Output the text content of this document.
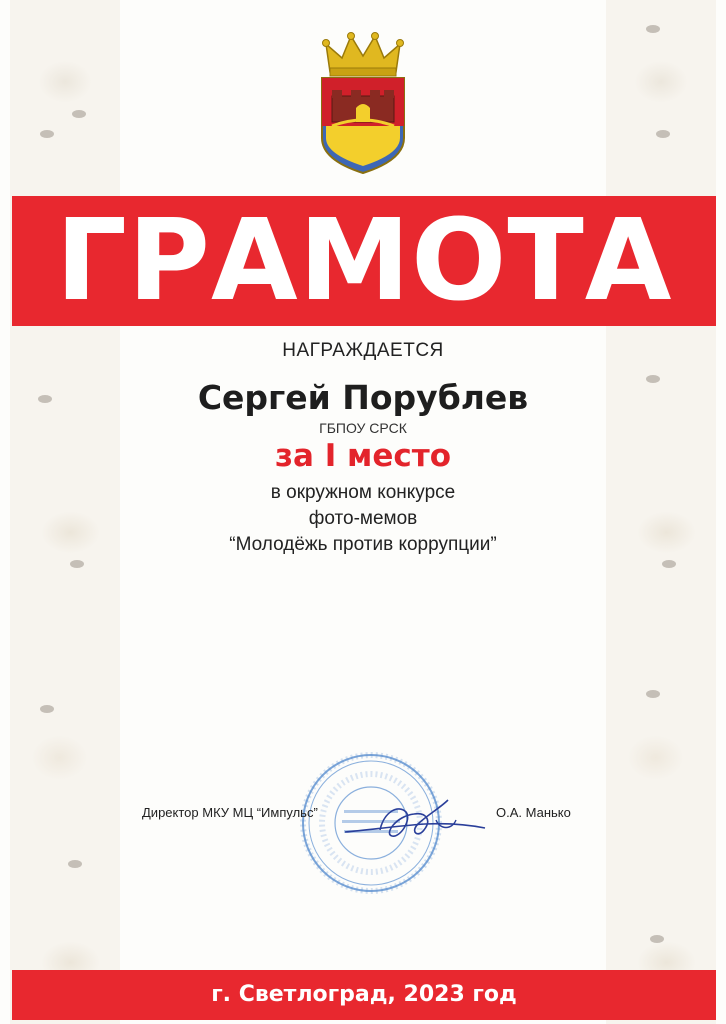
ГРАМОТА
НАГРАЖДАЕТСЯ
Сергей Порублев
ГБПОУ СРСК
за I место
в окружном конкурсе
фото-мемов
“Молодёжь против коррупции”
Директор МКУ МЦ “Импульс”	О.А. Манько
г. Светлоград, 2023 год
